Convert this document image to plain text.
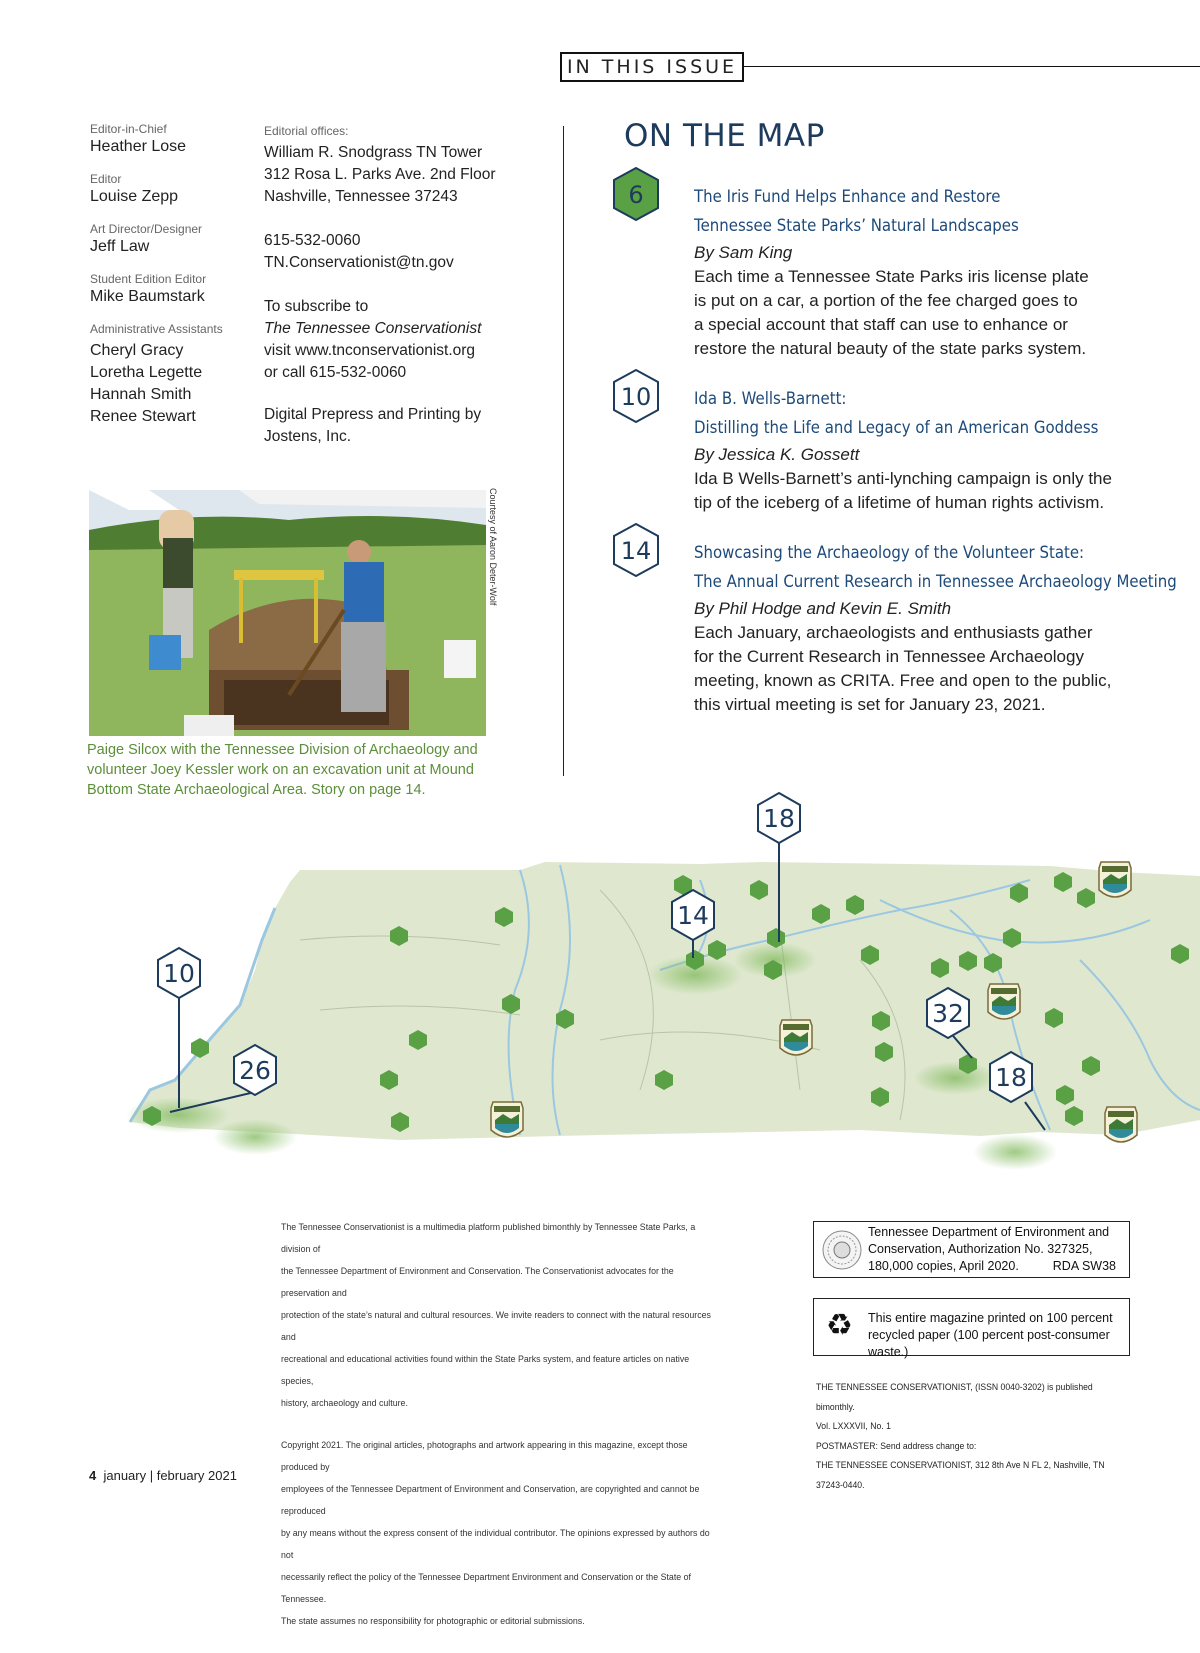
IN THIS ISSUE

Editor-in-Chief

Heather Lose

Editor

Louise Zepp

Art Director/Designer

Jeff Law

Student Edition Editor

Mike Baumstark

Administrative Assistants

Cheryl Gracy

Loretha Legette

Hannah Smith

Renee Stewart

Editorial offices:
William R. Snodgrass TN Tower
312 Rosa L. Parks Ave. 2nd Floor
Nashville, Tennessee 37243
615-532-0060
TN.Conservationist@tn.gov
To subscribe to
The Tennessee Conservationist
visit www.tnconservationist.org
or call 615-532-0060
Digital Prepress and Printing by
Jostens, Inc.
Courtesy of Aaron Deter-Wolf
Paige Silcox with the Tennessee Division of Archaeology and
volunteer Joey Kessler work on an excavation unit at Mound
Bottom State Archaeological Area. Story on page 14.
ON THE MAP
6	The Iris Fund Helps Enhance and Restore
Tennessee State Parks’ Natural Landscapes
By Sam King
Each time a Tennessee State Parks iris license plate
is put on a car, a portion of the fee charged goes to
a special account that staff can use to enhance or
restore the natural beauty of the state parks system.
10	Ida B. Wells-Barnett:
Distilling the Life and Legacy of an American Goddess
By Jessica K. Gossett
Ida B Wells-Barnett’s anti-lynching campaign is only the
tip of the iceberg of a lifetime of human rights activism.
14	Showcasing the Archaeology of the Volunteer State:
The Annual Current Research in Tennessee Archaeology Meeting
By Phil Hodge and Kevin E. Smith
Each January, archaeologists and enthusiasts gather
for the Current Research in Tennessee Archaeology
meeting, known as CRITA. Free and open to the public,
this virtual meeting is set for January 23, 2021.
18
14
10
26
32
18

The Tennessee Conservationist is a multimedia platform published bimonthly by Tennessee State Parks, a division of
the Tennessee Department of Environment and Conservation. The Conservationist advocates for the preservation and
protection of the state’s natural and cultural resources. We invite readers to connect with the natural resources and
recreational and educational activities found within the State Parks system, and feature articles on native species,
history, archaeology and culture.

Copyright 2021. The original articles, photographs and artwork appearing in this magazine, except those produced by
employees of the Tennessee Department of Environment and Conservation, are copyrighted and cannot be reproduced
by any means without the express consent of the individual contributor. The opinions expressed by authors do not
necessarily reflect the policy of the Tennessee Department Environment and Conservation or the State of Tennessee.
The state assumes no responsibility for photographic or editorial submissions.

Tennessee Department of Environment and
Conservation, Authorization No. 327325,
180,000 copies, April 2020.	RDA SW38
♻ This entire magazine printed on 100 percent
recycled paper (100 percent post-consumer waste.)
THE TENNESSEE CONSERVATIONIST, (ISSN 0040-3202) is published bimonthly.
Vol. LXXXVII, No. 1
POSTMASTER: Send address change to:
THE TENNESSEE CONSERVATIONIST, 312 8th Ave N FL 2, Nashville, TN 37243-0440.
4 january | february 2021
